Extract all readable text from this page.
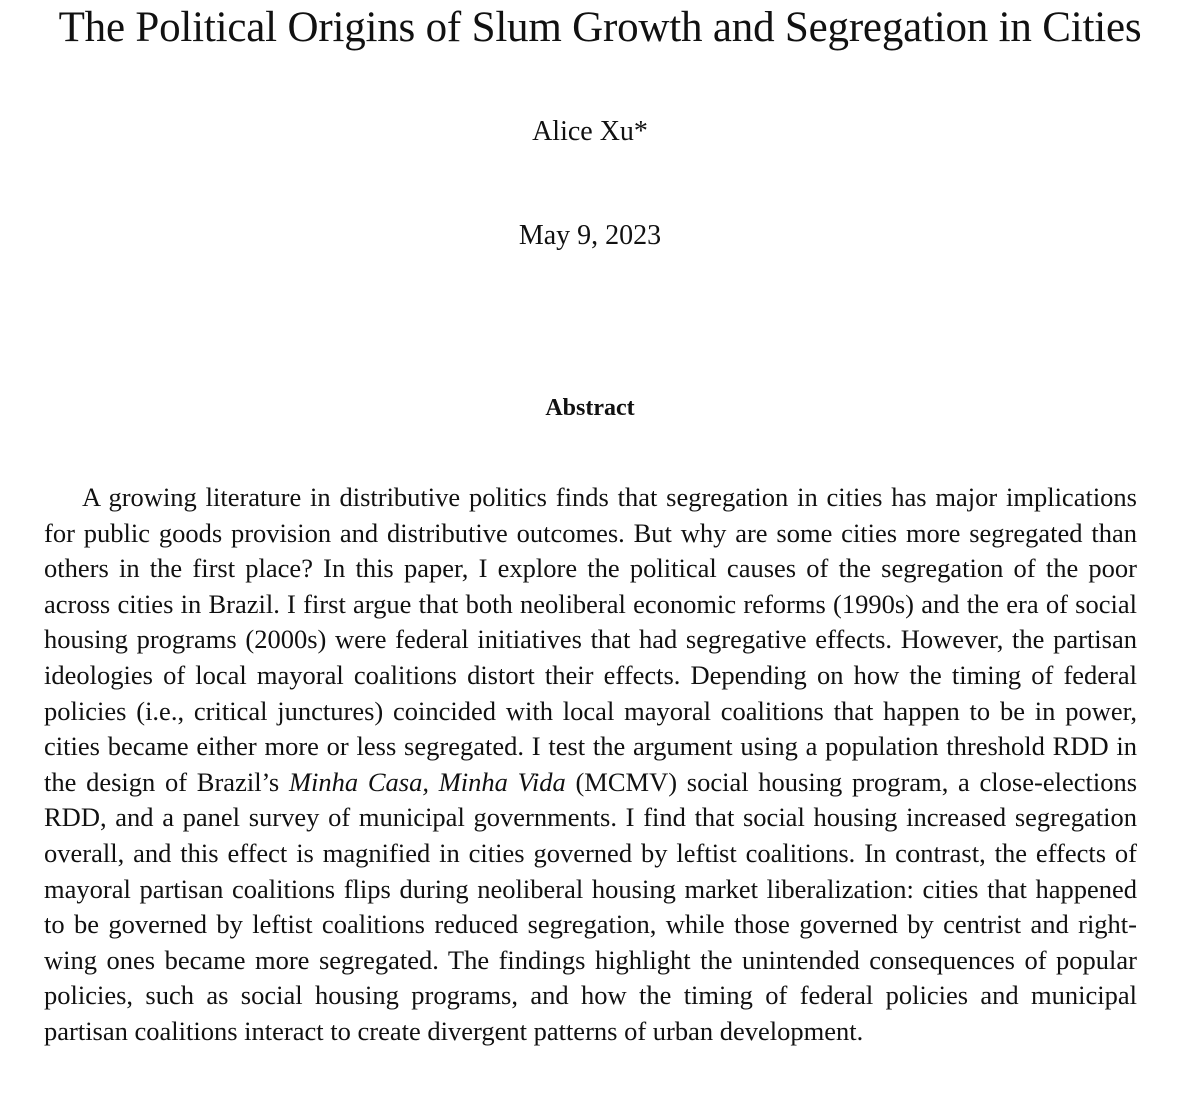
The Political Origins of Slum Growth and Segregation in Cities
Alice Xu*
May 9, 2023
Abstract

A growing literature in distributive politics finds that segregation in cities has major implications for public goods provision and distributive outcomes. But why are some cities more segregated than others in the first place? In this paper, I explore the political causes of the segregation of the poor across cities in Brazil. I first argue that both neoliberal economic reforms (1990s) and the era of social housing programs (2000s) were federal initiatives that had segregative effects. However, the partisan ideologies of local mayoral coalitions distort their effects. Depending on how the timing of federal policies (i.e., critical junctures) coincided with local mayoral coalitions that happen to be in power, cities became either more or less segregated. I test the argument using a population threshold RDD in the design of Brazil’s Minha Casa, Minha Vida (MCMV) social housing program, a close-elections RDD, and a panel survey of municipal governments. I find that social housing increased segregation overall, and this effect is magnified in cities governed by leftist coalitions. In contrast, the effects of mayoral partisan coalitions flips during neoliberal housing market liberalization: cities that happened to be governed by leftist coalitions reduced segregation, while those governed by centrist and right-wing ones became more segregated. The findings highlight the unintended consequences of popular policies, such as social housing programs, and how the timing of federal policies and municipal partisan coalitions interact to create divergent patterns of urban development.
